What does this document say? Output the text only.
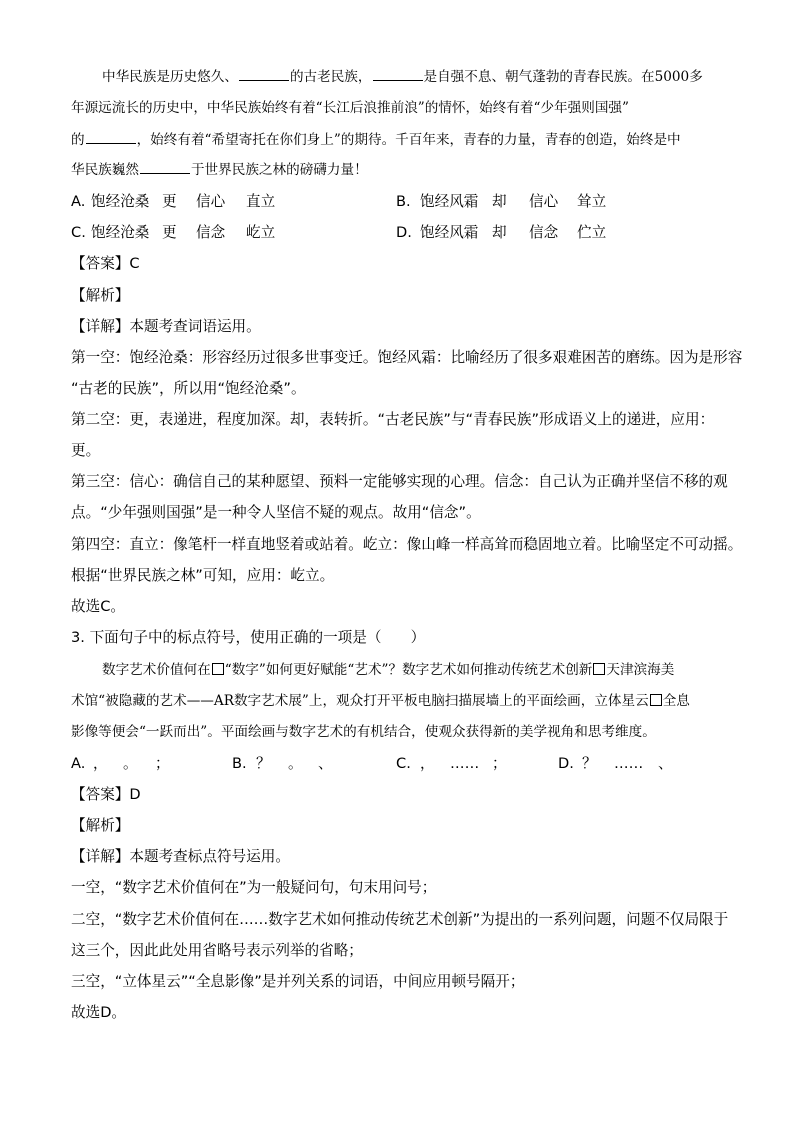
中华民族是历史悠久、	的古老民族，	是自强不息、朝气蓬勃的青春民族。在5000多
年源远流长的历史中，中华民族始终有着“长江后浪推前浪”的情怀，始终有着“少年强则国强”
的	，始终有着“希望寄托在你们身上”的期待。千百年来，青春的力量，青春的创造，始终是中
华民族巍然	于世界民族之林的磅礴力量！
A. 饱经沧桑 更 信心 直立	B. 饱经风霜 却 信心 耸立
C. 饱经沧桑 更 信念 屹立	D. 饱经风霜 却 信念 伫立
【答案】C
【解析】
【详解】本题考查词语运用。
第一空：饱经沧桑：形容经历过很多世事变迁。饱经风霜：比喻经历了很多艰难困苦的磨练。因为是形容
“古老的民族”，所以用“饱经沧桑”。
第二空：更，表递进，程度加深。却，表转折。“古老民族”与“青春民族”形成语义上的递进，应用：
更。
第三空：信心：确信自己的某种愿望、预料一定能够实现的心理。信念：自己认为正确并坚信不移的观
点。“少年强则国强”是一种令人坚信不疑的观点。故用“信念”。
第四空：直立：像笔杆一样直地竖着或站着。屹立：像山峰一样高耸而稳固地立着。比喻坚定不可动摇。
根据“世界民族之林”可知，应用：屹立。
故选C。
3. 下面句子中的标点符号，使用正确的一项是（　　）
数字艺术价值何在 “数字”如何更好赋能“艺术”？数字艺术如何推动传统艺术创新 天津滨海美
术馆“被隐藏的艺术——AR数字艺术展”上，观众打开平板电脑扫描展墙上的平面绘画，立体星云 全息
影像等便会“一跃而出”。平面绘画与数字艺术的有机结合，使观众获得新的美学视角和思考维度。
A. ， 。 ；	B. ？ 。 、	C. ， …… ；	D. ？ …… 、
【答案】D
【解析】
【详解】本题考查标点符号运用。
一空，“数字艺术价值何在”为一般疑问句，句末用问号；
二空，“数字艺术价值何在……数字艺术如何推动传统艺术创新”为提出的一系列问题，问题不仅局限于
这三个，因此此处用省略号表示列举的省略；
三空，“立体星云”“全息影像”是并列关系的词语，中间应用顿号隔开；
故选D。
